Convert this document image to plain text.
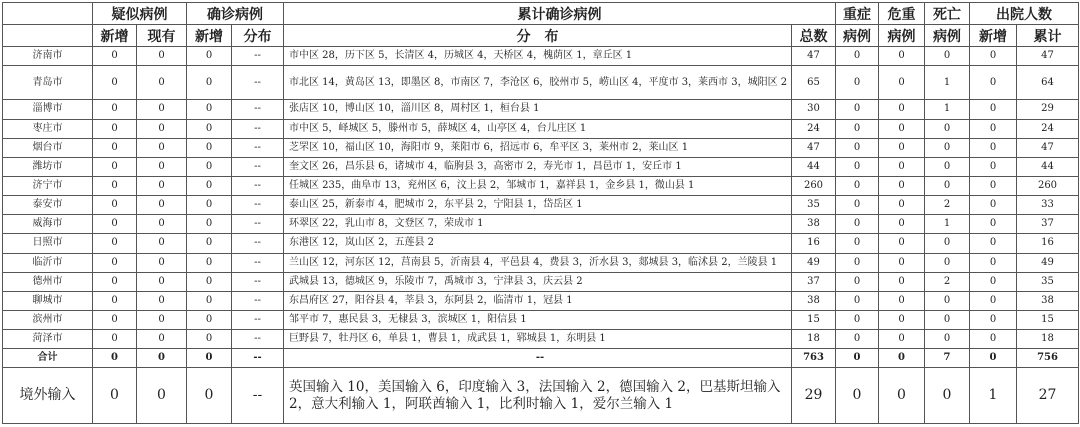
	疑似病例		确诊病例		累计确诊病例		重症	危重	死亡	出院人数	
	新增	现有	新增	分布	分　布	总数	病例	病例	病例	新增	累计
济南市	0	0	0	--	市中区 28，历下区 5，长清区 4，历城区 4，天桥区 4，槐荫区 1，章丘区 1	47	0	0	0	0	47
青岛市	0	0	0	--	市北区 14，黄岛区 13，即墨区 8，市南区 7，李沧区 6，胶州市 5，崂山区 4，平度市 3，莱西市 3，城阳区 2	65	0	0	1	0	64
淄博市	0	0	0	--	张店区 10，博山区 10，淄川区 8，周村区 1，桓台县 1	30	0	0	1	0	29
枣庄市	0	0	0	--	市中区 5，峄城区 5，滕州市 5，薛城区 4，山亭区 4，台儿庄区 1	24	0	0	0	0	24
烟台市	0	0	0	--	芝罘区 10，福山区 10，海阳市 9，莱阳市 6，招远市 6，牟平区 3，莱州市 2，莱山区 1	47	0	0	0	0	47
潍坊市	0	0	0	--	奎文区 26，昌乐县 6，诸城市 4，临朐县 3，高密市 2，寿光市 1，昌邑市 1，安丘市 1	44	0	0	0	0	44
济宁市	0	0	0	--	任城区 235，曲阜市 13，兖州区 6，汶上县 2，邹城市 1，嘉祥县 1，金乡县 1，微山县 1	260	0	0	0	0	260
泰安市	0	0	0	--	泰山区 25，新泰市 4，肥城市 2，东平县 2，宁阳县 1，岱岳区 1	35	0	0	2	0	33
威海市	0	0	0	--	环翠区 22，乳山市 8，文登区 7，荣成市 1	38	0	0	1	0	37
日照市	0	0	0	--	东港区 12，岚山区 2，五莲县 2	16	0	0	0	0	16
临沂市	0	0	0	--	兰山区 12，河东区 12，莒南县 5，沂南县 4，平邑县 4，费县 3，沂水县 3，郯城县 3，临沭县 2，兰陵县 1	49	0	0	0	0	49
德州市	0	0	0	--	武城县 13，德城区 9，乐陵市 7，禹城市 3，宁津县 3，庆云县 2	37	0	0	2	0	35
聊城市	0	0	0	--	东昌府区 27，阳谷县 4，莘县 3，东阿县 2，临清市 1，冠县 1	38	0	0	0	0	38
滨州市	0	0	0	--	邹平市 7，惠民县 3，无棣县 3，滨城区 1，阳信县 1	15	0	0	0	0	15
菏泽市	0	0	0	--	巨野县 7，牡丹区 6，单县 1，曹县 1，成武县 1，郓城县 1，东明县 1	18	0	0	0	0	18
合计	0	0	0	--	--	763	0	0	7	0	756
境外输入	0	0	0	--	英国输入 10，美国输入 6，印度输入 3，法国输入 2，德国输入 2，巴基斯坦输入 2，意大利输入 1，阿联酋输入 1，比利时输入 1，爱尔兰输入 1	29	0	0	0	1	27
